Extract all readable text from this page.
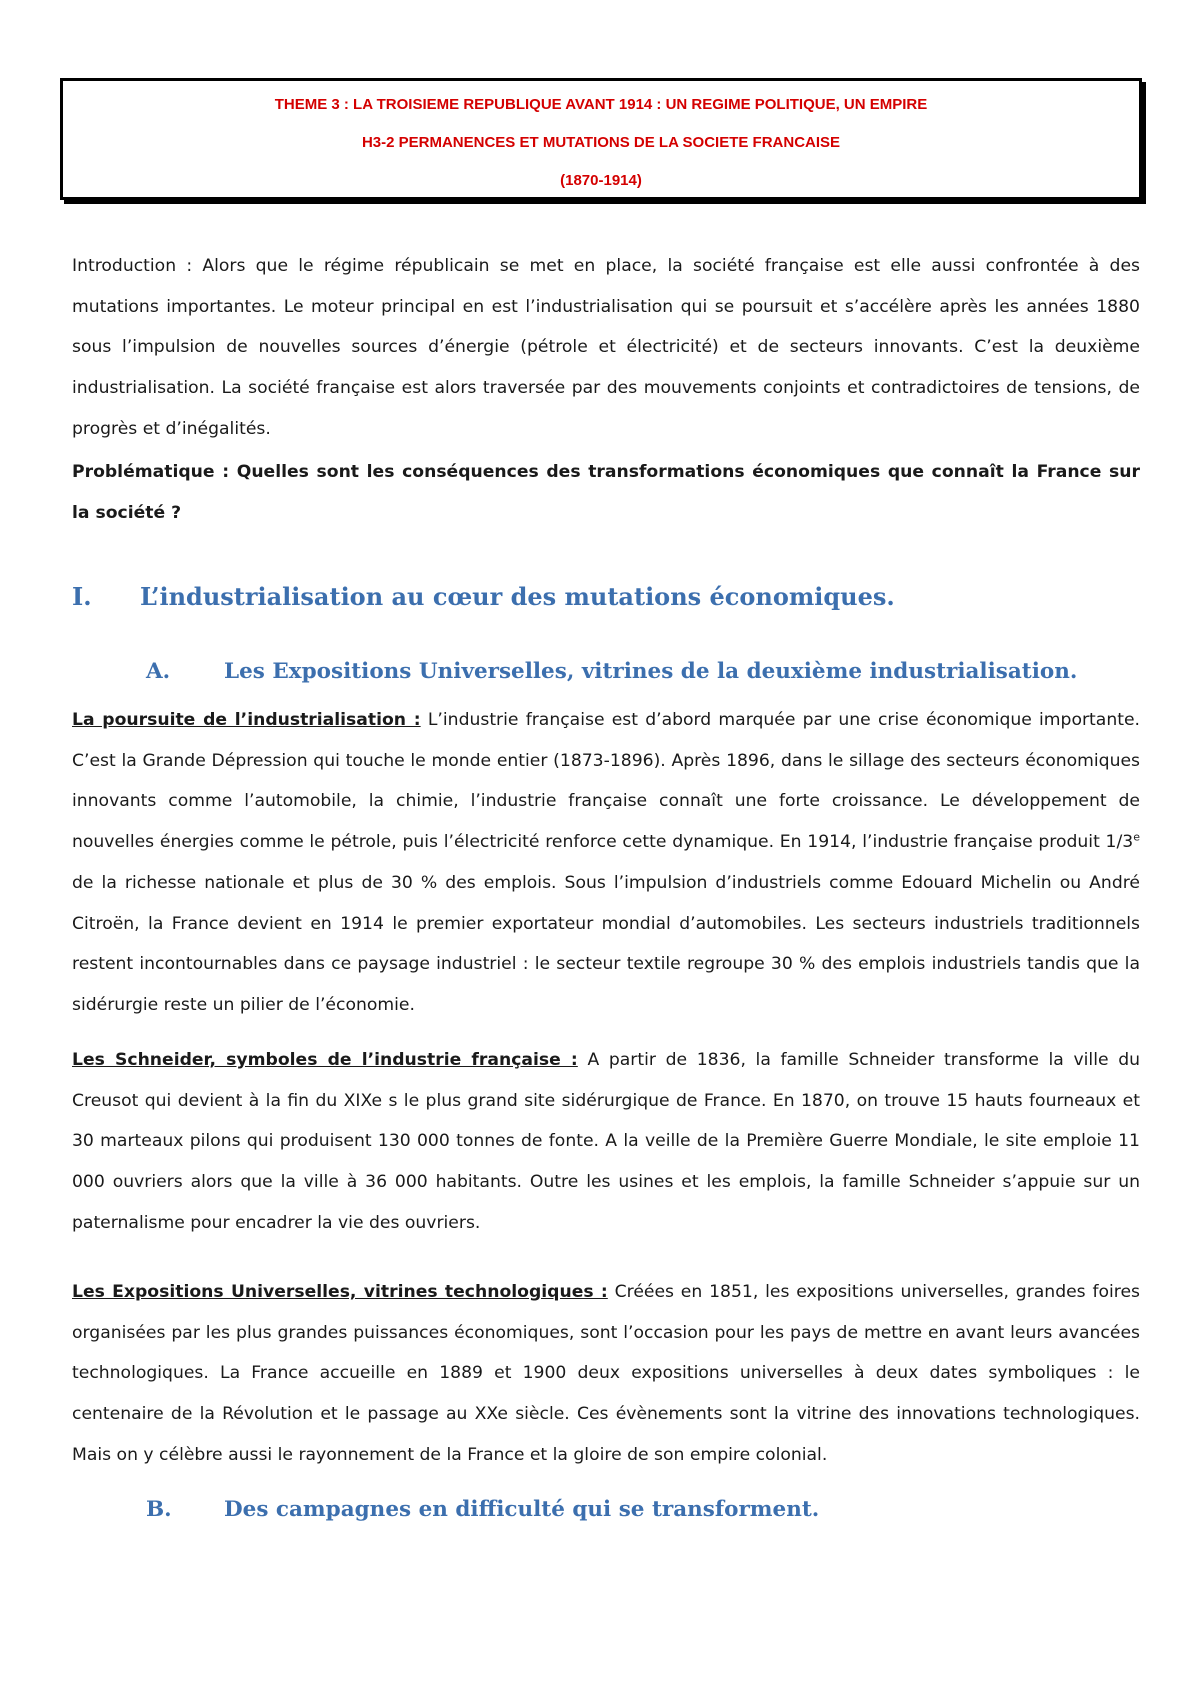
THEME 3 : LA TROISIEME REPUBLIQUE AVANT 1914 : UN REGIME POLITIQUE, UN EMPIRE
H3-2 PERMANENCES ET MUTATIONS DE LA SOCIETE FRANCAISE
(1870-1914)
Introduction : Alors que le régime républicain se met en place, la société française est elle aussi confrontée à des mutations importantes. Le moteur principal en est l’industrialisation qui se poursuit et s’accélère après les années 1880 sous l’impulsion de nouvelles sources d’énergie (pétrole et électricité) et de secteurs innovants. C’est la deuxième industrialisation. La société française est alors traversée par des mouvements conjoints et contradictoires de tensions, de progrès et d’inégalités.
Problématique : Quelles sont les conséquences des transformations économiques que connaît la France sur la société ?
I. L’industrialisation au cœur des mutations économiques.
A.	Les Expositions Universelles, vitrines de la deuxième industrialisation.
La poursuite de l’industrialisation : L’industrie française est d’abord marquée par une crise économique importante. C’est la Grande Dépression qui touche le monde entier (1873-1896). Après 1896, dans le sillage des secteurs économiques innovants comme l’automobile, la chimie, l’industrie française connaît une forte croissance. Le développement de nouvelles énergies comme le pétrole, puis l’électricité renforce cette dynamique. En 1914, l’industrie française produit 1/3e de la richesse nationale et plus de 30 % des emplois. Sous l’impulsion d’industriels comme Edouard Michelin ou André Citroën, la France devient en 1914 le premier exportateur mondial d’automobiles. Les secteurs industriels traditionnels restent incontournables dans ce paysage industriel : le secteur textile regroupe 30 % des emplois industriels tandis que la sidérurgie reste un pilier de l’économie.
Les Schneider, symboles de l’industrie française : A partir de 1836, la famille Schneider transforme la ville du Creusot qui devient à la fin du XIXe s le plus grand site sidérurgique de France. En 1870, on trouve 15 hauts fourneaux et 30 marteaux pilons qui produisent 130 000 tonnes de fonte. A la veille de la Première Guerre Mondiale, le site emploie 11 000 ouvriers alors que la ville à 36 000 habitants. Outre les usines et les emplois, la famille Schneider s’appuie sur un paternalisme pour encadrer la vie des ouvriers.
Les Expositions Universelles, vitrines technologiques : Créées en 1851, les expositions universelles, grandes foires organisées par les plus grandes puissances économiques, sont l’occasion pour les pays de mettre en avant leurs avancées technologiques. La France accueille en 1889 et 1900 deux expositions universelles à deux dates symboliques : le centenaire de la Révolution et le passage au XXe siècle. Ces évènements sont la vitrine des innovations technologiques. Mais on y célèbre aussi le rayonnement de la France et la gloire de son empire colonial.
B. Des campagnes en difficulté qui se transforment.
